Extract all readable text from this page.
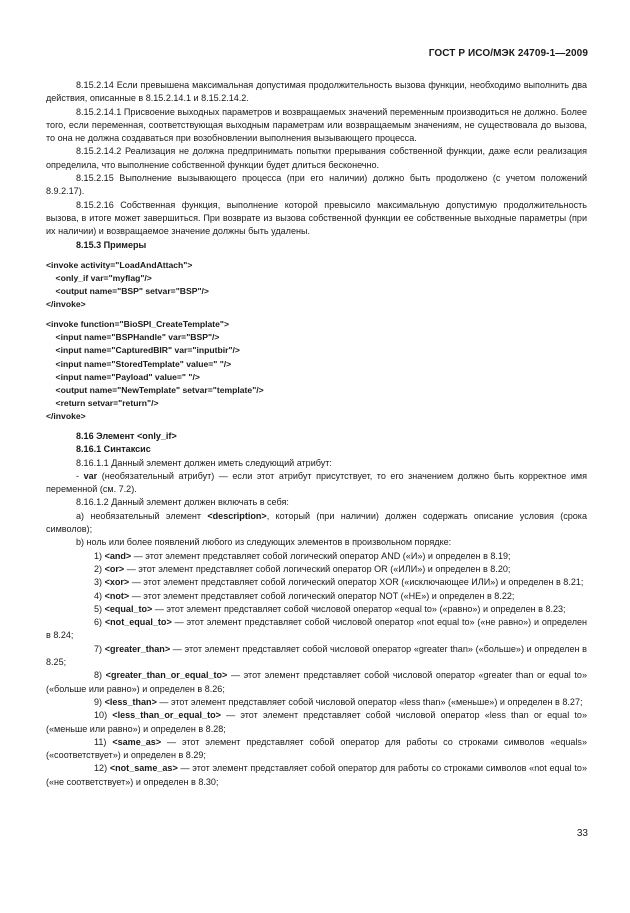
ГОСТ Р ИСО/МЭК 24709-1—2009

8.15.2.14 Если превышена максимальная допустимая продолжительность вызова функции, необходимо выполнить два действия, описанные в 8.15.2.14.1 и 8.15.2.14.2.

8.15.2.14.1 Присвоение выходных параметров и возвращаемых значений переменным производиться не должно. Более того, если переменная, соответствующая выходным параметрам или возвращаемым значениям, не существовала до вызова, то она не должна создаваться при возобновлении выполнения вызывающего процесса.

8.15.2.14.2 Реализация не должна предпринимать попытки прерывания собственной функции, даже если реализация определила, что выполнение собственной функции будет длиться бесконечно.

8.15.2.15 Выполнение вызывающего процесса (при его наличии) должно быть продолжено (с учетом положений 8.9.2.17).

8.15.2.16 Собственная функция, выполнение которой превысило максимальную допустимую продолжительность вызова, в итоге может завершиться. При возврате из вызова собственной функции ее собственные выходные параметры (при их наличии) и возвращаемое значение должны быть удалены.

8.15.3 Примеры

<invoke activity="LoadAndAttach">
<only_if var="myflag"/>
<output name="BSP" setvar="BSP"/>
</invoke>
<invoke function="BioSPI_CreateTemplate">
<input name="BSPHandle" var="BSP"/>
<input name="CapturedBIR" var="inputbir"/>
<input name="StoredTemplate" value=" "/>
<input name="Payload" value=" "/>
<output name="NewTemplate" setvar="template"/>
<return setvar="return"/>
</invoke>

8.16 Элемент <only_if>

8.16.1 Синтаксис

8.16.1.1 Данный элемент должен иметь следующий атрибут:

- var (необязательный атрибут) — если этот атрибут присутствует, то его значением должно быть корректное имя переменной (см. 7.2).

8.16.1.2 Данный элемент должен включать в себя:

а) необязательный элемент <description>, который (при наличии) должен содержать описание условия (срока символов);

b) ноль или более появлений любого из следующих элементов в произвольном порядке:

1) <and> — этот элемент представляет собой логический оператор AND («И») и определен в 8.19;

2) <or> — этот элемент представляет собой логический оператор OR («ИЛИ») и определен в 8.20;

3) <xor> — этот элемент представляет собой логический оператор XOR («исключающее ИЛИ») и определен в 8.21;

4) <not> — этот элемент представляет собой логический оператор NOT («НЕ») и определен в 8.22;

5) <equal_to> — этот элемент представляет собой числовой оператор «equal to» («равно») и определен в 8.23;

6) <not_equal_to> — этот элемент представляет собой числовой оператор «not equal to» («не равно») и определен в 8.24;

7) <greater_than> — этот элемент представляет собой числовой оператор «greater than» («больше») и определен в 8.25;

8) <greater_than_or_equal_to> — этот элемент представляет собой числовой оператор «greater than or equal to» («больше или равно») и определен в 8.26;

9) <less_than> — этот элемент представляет собой числовой оператор «less than» («меньше») и определен в 8.27;

10) <less_than_or_equal_to> — этот элемент представляет собой числовой оператор «less than or equal to» («меньше или равно») и определен в 8.28;

11) <same_as> — этот элемент представляет собой оператор для работы со строками символов «equals» («соответствует») и определен в 8.29;

12) <not_same_as> — этот элемент представляет собой оператор для работы со строками символов «not equal to» («не соответствует») и определен в 8.30;

33
